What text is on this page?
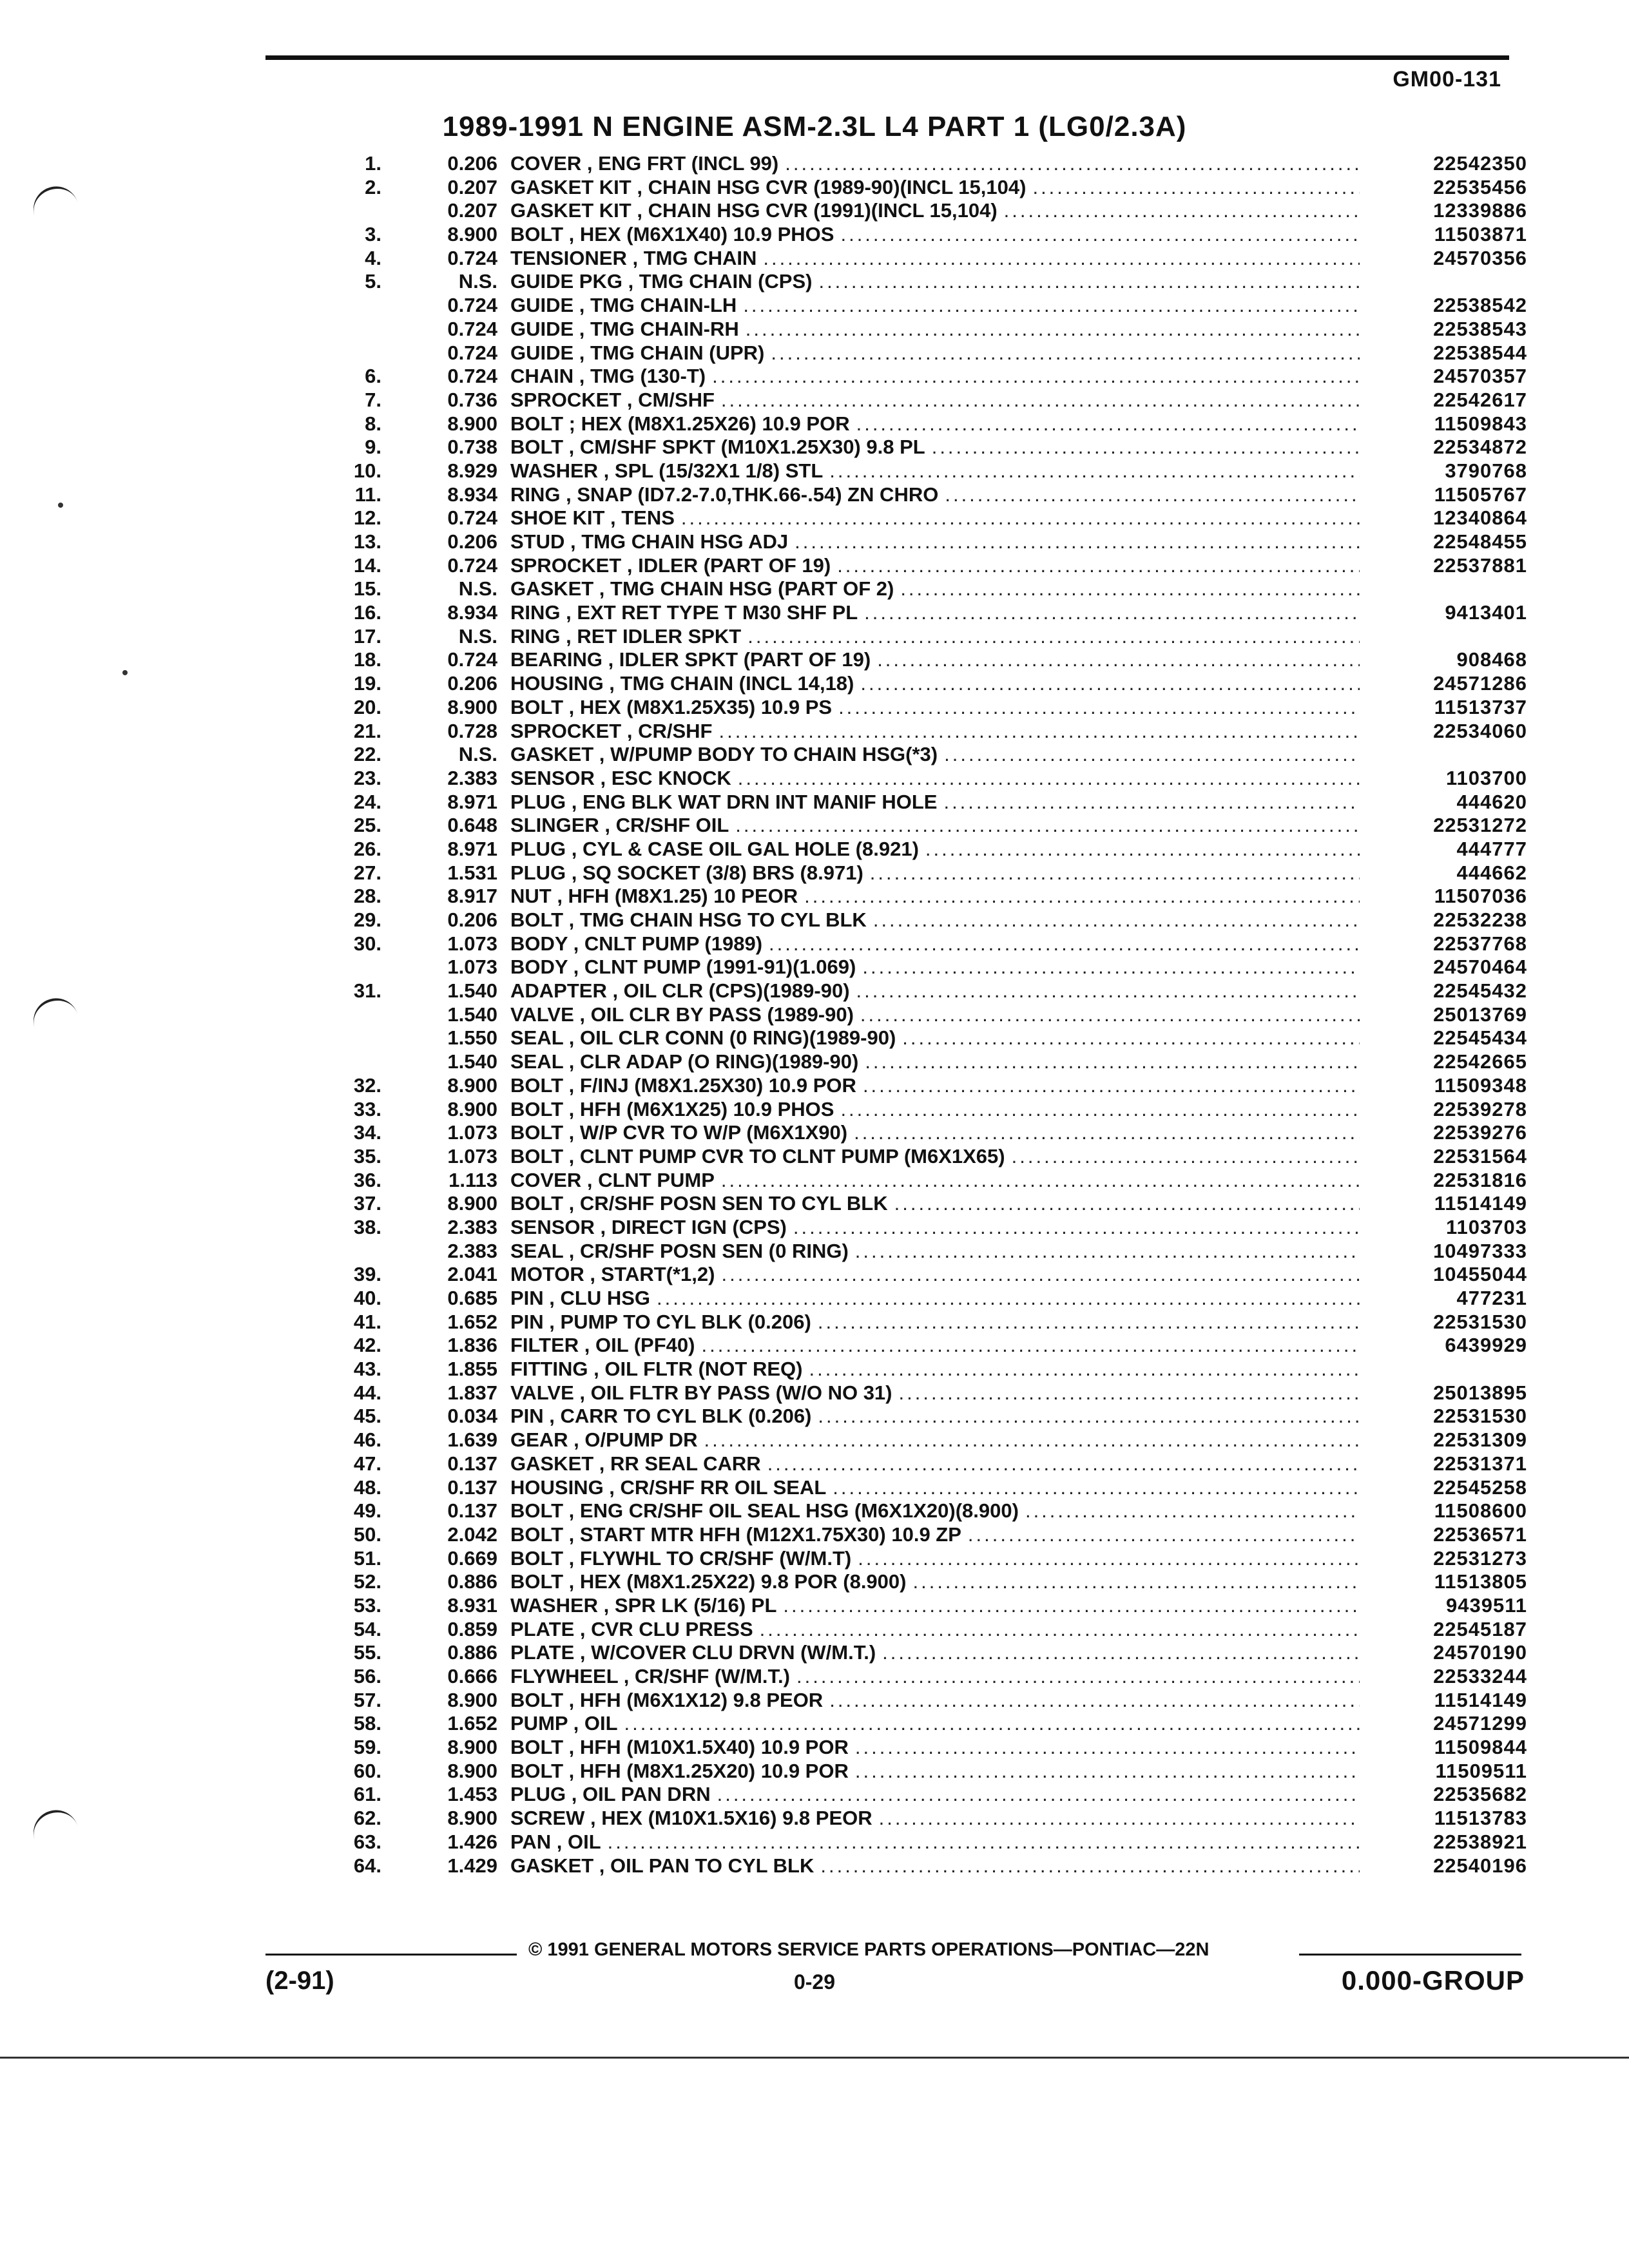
GM00-131
1989-1991 N ENGINE ASM-2.3L L4 PART 1 (LG0/2.3A)
1.	0.206 COVER , ENG FRT (INCL 99) .....	22542350
2.	0.207 GASKET KIT , CHAIN HSG CVR (1989-90)(INCL 15,104) .....	22535456
0.207 GASKET KIT , CHAIN HSG CVR (1991)(INCL 15,104) .....	12339886
3.	8.900 BOLT , HEX (M6X1X40) 10.9 PHOS .....	11503871
4.	0.724 TENSIONER , TMG CHAIN .....	24570356
5.	N.S. GUIDE PKG , TMG CHAIN (CPS)
.....
0.724 GUIDE , TMG CHAIN-LH .....	22538542
0.724 GUIDE , TMG CHAIN-RH .....	22538543
0.724 GUIDE , TMG CHAIN (UPR) .....	22538544
6.	0.724 CHAIN , TMG (130-T) .....	24570357
7.	0.736 SPROCKET , CM/SHF .....	22542617
8.	8.900 BOLT ; HEX (M8X1.25X26) 10.9 POR .....	11509843
9.	0.738 BOLT , CM/SHF SPKT (M10X1.25X30) 9.8 PL .....	22534872
10.	8.929 WASHER , SPL (15/32X1 1/8) STL .....	3790768
11.	8.934 RING , SNAP (ID7.2-7.0,THK.66-.54) ZN CHRO .....	11505767
12.	0.724 SHOE KIT , TENS .....	12340864
13.	0.206 STUD , TMG CHAIN HSG ADJ .....	22548455
14.	0.724 SPROCKET , IDLER (PART OF 19) .....	22537881
15.	N.S. GASKET , TMG CHAIN HSG (PART OF 2)
.....
16.	8.934 RING , EXT RET TYPE T M30 SHF PL .....	9413401
17.	N.S. RING , RET IDLER SPKT
.....
18.	0.724 BEARING , IDLER SPKT (PART OF 19) .....	908468
19.	0.206 HOUSING , TMG CHAIN (INCL 14,18) .....	24571286
20.	8.900 BOLT , HEX (M8X1.25X35) 10.9 PS .....	11513737
21.	0.728 SPROCKET , CR/SHF .....	22534060
22.	N.S. GASKET , W/PUMP BODY TO CHAIN HSG(*3)
.....
23.	2.383 SENSOR , ESC KNOCK .....	1103700
24.	8.971 PLUG , ENG BLK WAT DRN INT MANIF HOLE .....	444620
25.	0.648 SLINGER , CR/SHF OIL .....	22531272
26.	8.971 PLUG , CYL & CASE OIL GAL HOLE (8.921) .....	444777
27.	1.531 PLUG , SQ SOCKET (3/8) BRS (8.971) .....	444662
28.	8.917 NUT , HFH (M8X1.25) 10 PEOR .....	11507036
29.	0.206 BOLT , TMG CHAIN HSG TO CYL BLK .....	22532238
30.	1.073 BODY , CNLT PUMP (1989) .....	22537768
1.073 BODY , CLNT PUMP (1991-91)(1.069) .....	24570464
31.	1.540 ADAPTER , OIL CLR (CPS)(1989-90) .....	22545432
1.540 VALVE , OIL CLR BY PASS (1989-90) .....	25013769
1.550 SEAL , OIL CLR CONN (0 RING)(1989-90) .....	22545434
1.540 SEAL , CLR ADAP (O RING)(1989-90) .....	22542665
32.	8.900 BOLT , F/INJ (M8X1.25X30) 10.9 POR .....	11509348
33.	8.900 BOLT , HFH (M6X1X25) 10.9 PHOS .....	22539278
34.	1.073 BOLT , W/P CVR TO W/P (M6X1X90) .....	22539276
35.	1.073 BOLT , CLNT PUMP CVR TO CLNT PUMP (M6X1X65) .....	22531564
36.	1.113 COVER , CLNT PUMP .....	22531816
37.	8.900 BOLT , CR/SHF POSN SEN TO CYL BLK .....	11514149
38.	2.383 SENSOR , DIRECT IGN (CPS) .....	1103703
2.383 SEAL , CR/SHF POSN SEN (0 RING) .....	10497333
39.	2.041 MOTOR , START(*1,2) .....	10455044
40.	0.685 PIN , CLU HSG .....	477231
41.	1.652 PIN , PUMP TO CYL BLK (0.206) .....	22531530
42.	1.836 FILTER , OIL (PF40) .....	6439929
43.	1.855 FITTING , OIL FLTR (NOT REQ)
.....
44.	1.837 VALVE , OIL FLTR BY PASS (W/O NO 31) .....	25013895
45.	0.034 PIN , CARR TO CYL BLK (0.206) .....	22531530
46.	1.639 GEAR , O/PUMP DR .....	22531309
47.	0.137 GASKET , RR SEAL CARR .....	22531371
48.	0.137 HOUSING , CR/SHF RR OIL SEAL .....	22545258
49.	0.137 BOLT , ENG CR/SHF OIL SEAL HSG (M6X1X20)(8.900) .....	11508600
50.	2.042 BOLT , START MTR HFH (M12X1.75X30) 10.9 ZP .....	22536571
51.	0.669 BOLT , FLYWHL TO CR/SHF (W/M.T) .....	22531273
52.	0.886 BOLT , HEX (M8X1.25X22) 9.8 POR (8.900) .....	11513805
53.	8.931 WASHER , SPR LK (5/16) PL .....	9439511
54.	0.859 PLATE , CVR CLU PRESS .....	22545187
55.	0.886 PLATE , W/COVER CLU DRVN (W/M.T.) .....	24570190
56.	0.666 FLYWHEEL , CR/SHF (W/M.T.) .....	22533244
57.	8.900 BOLT , HFH (M6X1X12) 9.8 PEOR .....	11514149
58.	1.652 PUMP , OIL .....	24571299
59.	8.900 BOLT , HFH (M10X1.5X40) 10.9 POR .....	11509844
60.	8.900 BOLT , HFH (M8X1.25X20) 10.9 POR .....	11509511
61.	1.453 PLUG , OIL PAN DRN .....	22535682
62.	8.900 SCREW , HEX (M10X1.5X16) 9.8 PEOR .....	11513783
63.	1.426 PAN , OIL .....	22538921
64.	1.429 GASKET , OIL PAN TO CYL BLK .....	22540196
© 1991 GENERAL MOTORS SERVICE PARTS OPERATIONS—PONTIAC—22N
(2-91)	0-29	0.000-GROUP
